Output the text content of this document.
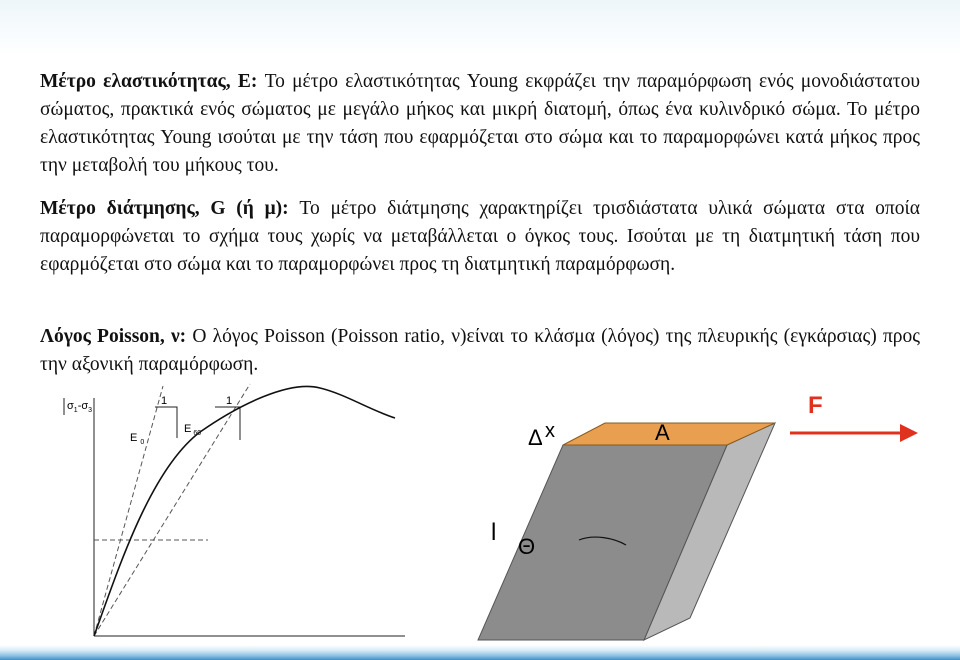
Μέτρο ελαστικότητας, E: Το μέτρο ελαστικότητας Young εκφράζει την παραμόρφωση ενός μονοδιάστατου σώματος, πρακτικά ενός σώματος με μεγάλο μήκος και μικρή διατομή, όπως ένα κυλινδρικό σώμα. Το μέτρο ελαστικότητας Young ισούται με την τάση που εφαρμόζεται στο σώμα και το παραμορφώνει κατά μήκος προς την μεταβολή του μήκους του.

Μέτρο διάτμησης, G (ή μ): Το μέτρο διάτμησης χαρακτηρίζει τρισδιάστατα υλικά σώματα στα οποία παραμορφώνεται το σχήμα τους χωρίς να μεταβάλλεται ο όγκος τους. Ισούται με τη διατμητική τάση που εφαρμόζεται στο σώμα και το παραμορφώνει προς τη διατμητική παραμόρφωση.

Λόγος Poisson, ν: Ο λόγος Poisson (Poisson ratio, ν)είναι το κλάσμα (λόγος) της πλευρικής (εγκάρσιας) προς την αξονική παραμόρφωση.

$\sigma_1-\sigma_3$
1	1
E $_0$
E $_{60}$
Θ
l
Δ x	A
F
